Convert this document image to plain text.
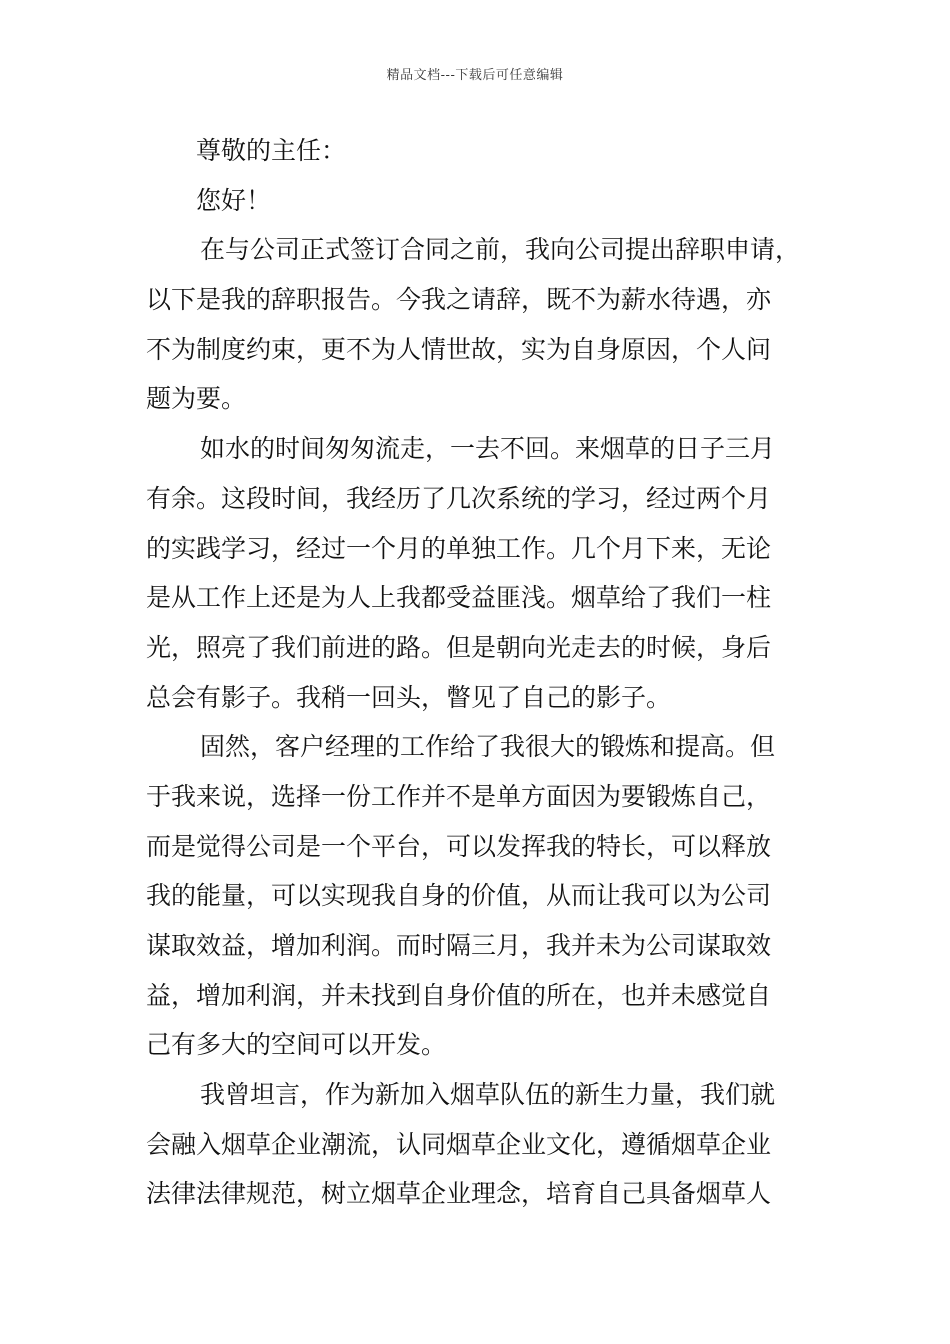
精品文档---下载后可任意编辑
尊敬的主任：
您好！
在与公司正式签订合同之前，我向公司提出辞职申请，
以下是我的辞职报告。今我之请辞，既不为薪水待遇，亦
不为制度约束，更不为人情世故，实为自身原因，个人问
题为要。
如水的时间匆匆流走，一去不回。来烟草的日子三月
有余。这段时间，我经历了几次系统的学习，经过两个月
的实践学习，经过一个月的单独工作。几个月下来，无论
是从工作上还是为人上我都受益匪浅。烟草给了我们一柱
光，照亮了我们前进的路。但是朝向光走去的时候，身后
总会有影子。我稍一回头，瞥见了自己的影子。
固然，客户经理的工作给了我很大的锻炼和提高。但
于我来说，选择一份工作并不是单方面因为要锻炼自己，
而是觉得公司是一个平台，可以发挥我的特长，可以释放
我的能量，可以实现我自身的价值，从而让我可以为公司
谋取效益，增加利润。而时隔三月，我并未为公司谋取效
益，增加利润，并未找到自身价值的所在，也并未感觉自
己有多大的空间可以开发。
我曾坦言，作为新加入烟草队伍的新生力量，我们就
会融入烟草企业潮流，认同烟草企业文化，遵循烟草企业
法律法律规范，树立烟草企业理念，培育自己具备烟草人
